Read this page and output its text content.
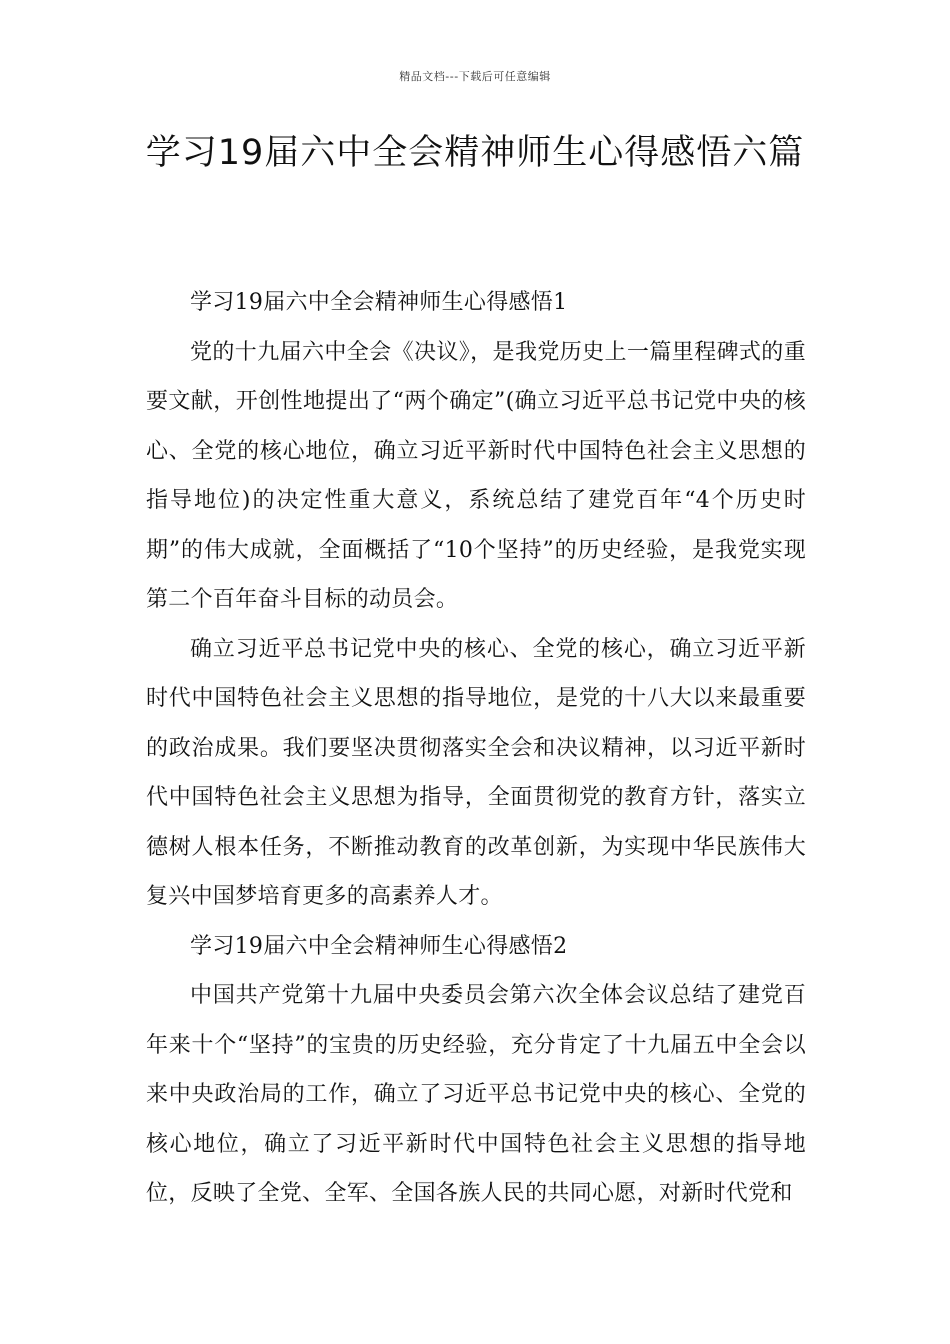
精品文档---下载后可任意编辑
学习19届六中全会精神师生心得感悟六篇

学习19届六中全会精神师生心得感悟1

党的十九届六中全会《决议》，是我党历史上一篇里程碑式的重要文献，开创性地提出了“两个确定”(确立习近平总书记党中央的核心、全党的核心地位，确立习近平新时代中国特色社会主义思想的指导地位)的决定性重大意义，系统总结了建党百年“4个历史时期”的伟大成就，全面概括了“10个坚持”的历史经验，是我党实现第二个百年奋斗目标的动员会。

确立习近平总书记党中央的核心、全党的核心，确立习近平新时代中国特色社会主义思想的指导地位，是党的十八大以来最重要的政治成果。我们要坚决贯彻落实全会和决议精神，以习近平新时代中国特色社会主义思想为指导，全面贯彻党的教育方针，落实立德树人根本任务，不断推动教育的改革创新，为实现中华民族伟大复兴中国梦培育更多的高素养人才。

学习19届六中全会精神师生心得感悟2

中国共产党第十九届中央委员会第六次全体会议总结了建党百年来十个“坚持”的宝贵的历史经验，充分肯定了十九届五中全会以来中央政治局的工作，确立了习近平总书记党中央的核心、全党的核心地位，确立了习近平新时代中国特色社会主义思想的指导地位，反映了全党、全军、全国各族人民的共同心愿，对新时代党和
